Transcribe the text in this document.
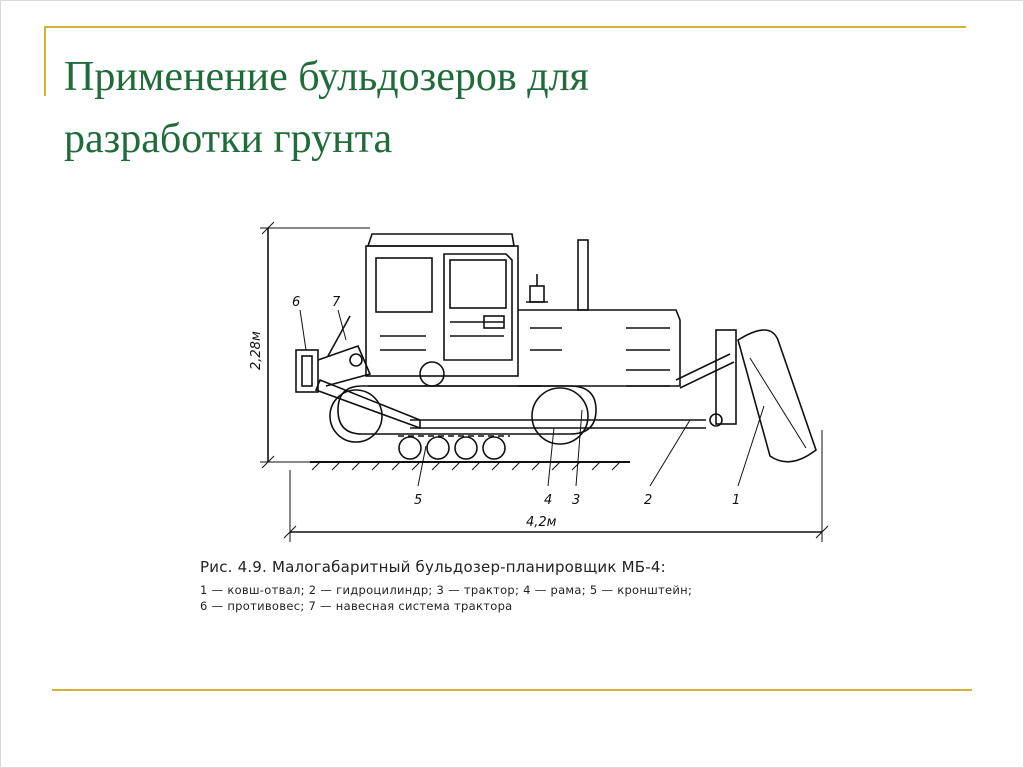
Применение бульдозеров для
разработки грунта
2,28м
4,2м
1
2
3
4
5
6 7

Рис. 4.9. Малогабаритный бульдозер-планировщик МБ-4:

1 — ковш-отвал; 2 — гидроцилиндр; 3 — трактор; 4 — рама; 5 — кронштейн;
6 — противовес; 7 — навесная система трактора
